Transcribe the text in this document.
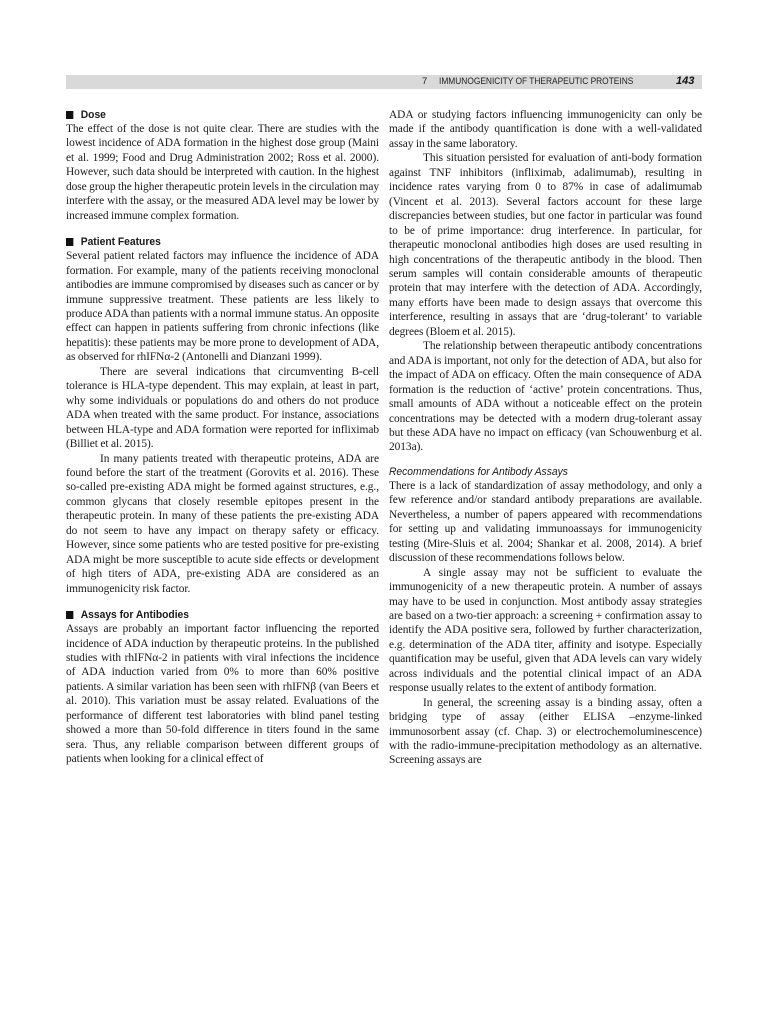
7 IMMUNOGENICITY OF THERAPEUTIC PROTEINS	143
Dose

The effect of the dose is not quite clear. There are studies with the lowest incidence of ADA formation in the highest dose group (Maini et al. 1999; Food and Drug Administration 2002; Ross et al. 2000). However, such data should be interpreted with caution. In the highest dose group the higher therapeutic protein levels in the circulation may interfere with the assay, or the measured ADA level may be lower by increased immune complex formation.

Patient Features

Several patient related factors may influence the incidence of ADA formation. For example, many of the patients receiving monoclonal antibodies are immune compromised by diseases such as cancer or by immune suppressive treatment. These patients are less likely to produce ADA than patients with a normal immune status. An opposite effect can happen in patients suffering from chronic infections (like hepatitis): these patients may be more prone to development of ADA, as observed for rhIFNα-2 (Antonelli and Dianzani 1999).

There are several indications that circumventing B-cell tolerance is HLA-type dependent. This may explain, at least in part, why some individuals or populations do and others do not produce ADA when treated with the same product. For instance, associations between HLA-type and ADA formation were reported for infliximab (Billiet et al. 2015).

In many patients treated with therapeutic proteins, ADA are found before the start of the treatment (Gorovits et al. 2016). These so-called pre-existing ADA might be formed against structures, e.g., common glycans that closely resemble epitopes present in the therapeutic protein. In many of these patients the pre-existing ADA do not seem to have any impact on therapy safety or efficacy. However, since some patients who are tested positive for pre-existing ADA might be more susceptible to acute side effects or development of high titers of ADA, pre-existing ADA are considered as an immunogenicity risk factor.

Assays for Antibodies

Assays are probably an important factor influencing the reported incidence of ADA induction by therapeutic proteins. In the published studies with rhIFNα-2 in patients with viral infections the incidence of ADA induction varied from 0% to more than 60% positive patients. A similar variation has been seen with rhIFNβ (van Beers et al. 2010). This variation must be assay related. Evaluations of the performance of different test laboratories with blind panel testing showed a more than 50-fold difference in titers found in the same sera. Thus, any reliable comparison between different groups of patients when looking for a clinical effect of

ADA or studying factors influencing immunogenicity can only be made if the antibody quantification is done with a well-validated assay in the same laboratory.

This situation persisted for evaluation of anti-body formation against TNF inhibitors (infliximab, adalimumab), resulting in incidence rates varying from 0 to 87% in case of adalimumab (Vincent et al. 2013). Several factors account for these large discrepancies between studies, but one factor in particular was found to be of prime importance: drug interference. In particular, for therapeutic monoclonal antibodies high doses are used resulting in high concentrations of the therapeutic antibody in the blood. Then serum samples will contain considerable amounts of therapeutic protein that may interfere with the detection of ADA. Accordingly, many efforts have been made to design assays that overcome this interference, resulting in assays that are ‘drug-tolerant’ to variable degrees (Bloem et al. 2015).

The relationship between therapeutic antibody concentrations and ADA is important, not only for the detection of ADA, but also for the impact of ADA on efficacy. Often the main consequence of ADA formation is the reduction of ‘active’ protein concentrations. Thus, small amounts of ADA without a noticeable effect on the protein concentrations may be detected with a modern drug-tolerant assay but these ADA have no impact on efficacy (van Schouwenburg et al. 2013a).

Recommendations for Antibody Assays

There is a lack of standardization of assay methodology, and only a few reference and/or standard antibody preparations are available. Nevertheless, a number of papers appeared with recommendations for setting up and validating immunoassays for immunogenicity testing (Mire-Sluis et al. 2004; Shankar et al. 2008, 2014). A brief discussion of these recommendations follows below.

A single assay may not be sufficient to evaluate the immunogenicity of a new therapeutic protein. A number of assays may have to be used in conjunction. Most antibody assay strategies are based on a two-tier approach: a screening + confirmation assay to identify the ADA positive sera, followed by further characterization, e.g. determination of the ADA titer, affinity and isotype. Especially quantification may be useful, given that ADA levels can vary widely across individuals and the potential clinical impact of an ADA response usually relates to the extent of antibody formation.

In general, the screening assay is a binding assay, often a bridging type of assay (either ELISA –enzyme-linked immunosorbent assay (cf. Chap. 3) or electrochemoluminescence) with the radio-immune-precipitation methodology as an alternative. Screening assays are
